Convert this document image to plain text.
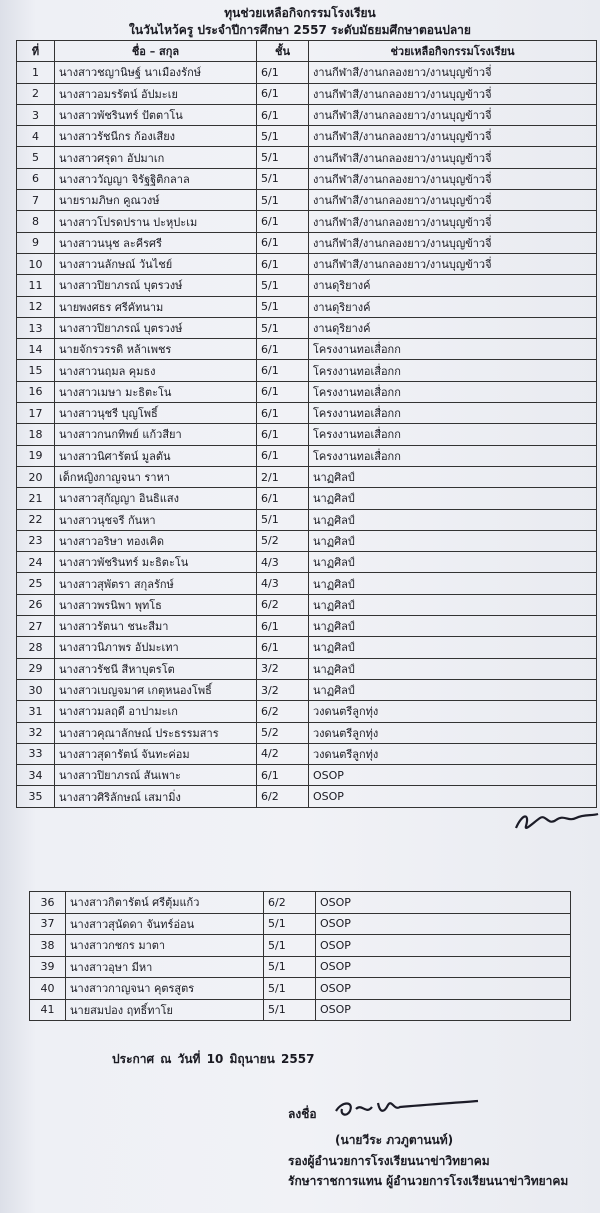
ทุนช่วยเหลือกิจกรรมโรงเรียน
ในวันไหว้ครู ประจำปีการศึกษา 2557 ระดับมัธยมศึกษาตอนปลาย
ที่	ชื่อ – สกุล	ชั้น	ช่วยเหลือกิจกรรมโรงเรียน
1	นางสาวชญานิษฐ์ นาเมืองรักษ์	6/1	งานกีฬาสี/งานกลองยาว/งานบุญข้าวจี่
2	นางสาวอมรรัตน์ อัปมะเย	6/1	งานกีฬาสี/งานกลองยาว/งานบุญข้าวจี่
3	นางสาวพัชรินทร์ ปัตตาโน	6/1	งานกีฬาสี/งานกลองยาว/งานบุญข้าวจี่
4	นางสาวรัชนีกร ก้องเสียง	5/1	งานกีฬาสี/งานกลองยาว/งานบุญข้าวจี่
5	นางสาวศรุดา อัปมาเก	5/1	งานกีฬาสี/งานกลองยาว/งานบุญข้าวจี่
6	นางสาววัญญา จิรัฐฐิติกลาล	5/1	งานกีฬาสี/งานกลองยาว/งานบุญข้าวจี่
7	นายรามภิษก คูณวงษ์	5/1	งานกีฬาสี/งานกลองยาว/งานบุญข้าวจี่
8	นางสาวโปรดปราน ปะหุปะเม	6/1	งานกีฬาสี/งานกลองยาว/งานบุญข้าวจี่
9	นางสาวนนุช ละคีรศรี	6/1	งานกีฬาสี/งานกลองยาว/งานบุญข้าวจี่
10	นางสาวนลักษณ์ วันไชย์	6/1	งานกีฬาสี/งานกลองยาว/งานบุญข้าวจี่
11	นางสาวปิยาภรณ์ บุตรวงษ์	5/1	งานดุริยางค์
12	นายพงศธร ศรีคัทนาม	5/1	งานดุริยางค์
13	นางสาวปิยาภรณ์ บุตรวงษ์	5/1	งานดุริยางค์
14	นายจักรวรรดิ หล้าเพชร	6/1	โครงงานทอเสื่อกก
15	นางสาวนฤมล คุมธง	6/1	โครงงานทอเสื่อกก
16	นางสาวเมษา มะธิตะโน	6/1	โครงงานทอเสื่อกก
17	นางสาวนุชรี บุญโพธิ์	6/1	โครงงานทอเสื่อกก
18	นางสาวกนกทิพย์ แก้วสียา	6/1	โครงงานทอเสื่อกก
19	นางสาวนิศารัตน์ มูลตัน	6/1	โครงงานทอเสื่อกก
20	เด็กหญิงกาญจนา ราหา	2/1	นาฏศิลป์
21	นางสาวสุกัญญา อินธิแสง	6/1	นาฏศิลป์
22	นางสาวนุชจรี กันหา	5/1	นาฏศิลป์
23	นางสาวอริษา ทองเคิด	5/2	นาฏศิลป์
24	นางสาวพัชรินทร์ มะธิตะโน	4/3	นาฏศิลป์
25	นางสาวสุพัตรา สกุลรักษ์	4/3	นาฏศิลป์
26	นางสาวพรนิพา พุทโธ	6/2	นาฏศิลป์
27	นางสาวรัตนา ชนะสีมา	6/1	นาฏศิลป์
28	นางสาวนิภาพร อัปมะเทา	6/1	นาฏศิลป์
29	นางสาวรัชนี สีหาบุตรโต	3/2	นาฏศิลป์
30	นางสาวเบญจมาศ เกตุหนองโพธิ์	3/2	นาฏศิลป์
31	นางสาวมลฤดี อาปามะเก	6/2	วงดนตรีลูกทุ่ง
32	นางสาวคุณาลักษณ์ ประธรรมสาร	5/2	วงดนตรีลูกทุ่ง
33	นางสาวสุดารัตน์ จันทะค่อม	4/2	วงดนตรีลูกทุ่ง
34	นางสาวปิยาภรณ์ สันเพาะ	6/1	OSOP
35	นางสาวศิริลักษณ์ เสมามิ่ง	6/2	OSOP
36	นางสาวกิตารัตน์ ศรีตุ้มแก้ว	6/2	OSOP
37	นางสาวสุนัดดา จันทร์อ่อน	5/1	OSOP
38	นางสาวกชกร มาตา	5/1	OSOP
39	นางสาวอุษา มีหา	5/1	OSOP
40	นางสาวกาญจนา คุตรสูตร	5/1	OSOP
41	นายสมปอง ฤทธิ์ทาโย	5/1	OSOP
ประกาศ ณ วันที่ 10 มิถุนายน 2557
ลงชื่อ
(นายวีระ ภวภูตานนท์)
รองผู้อำนวยการโรงเรียนนาข่าวิทยาคม
รักษาราชการแทน ผู้อำนวยการโรงเรียนนาข่าวิทยาคม
